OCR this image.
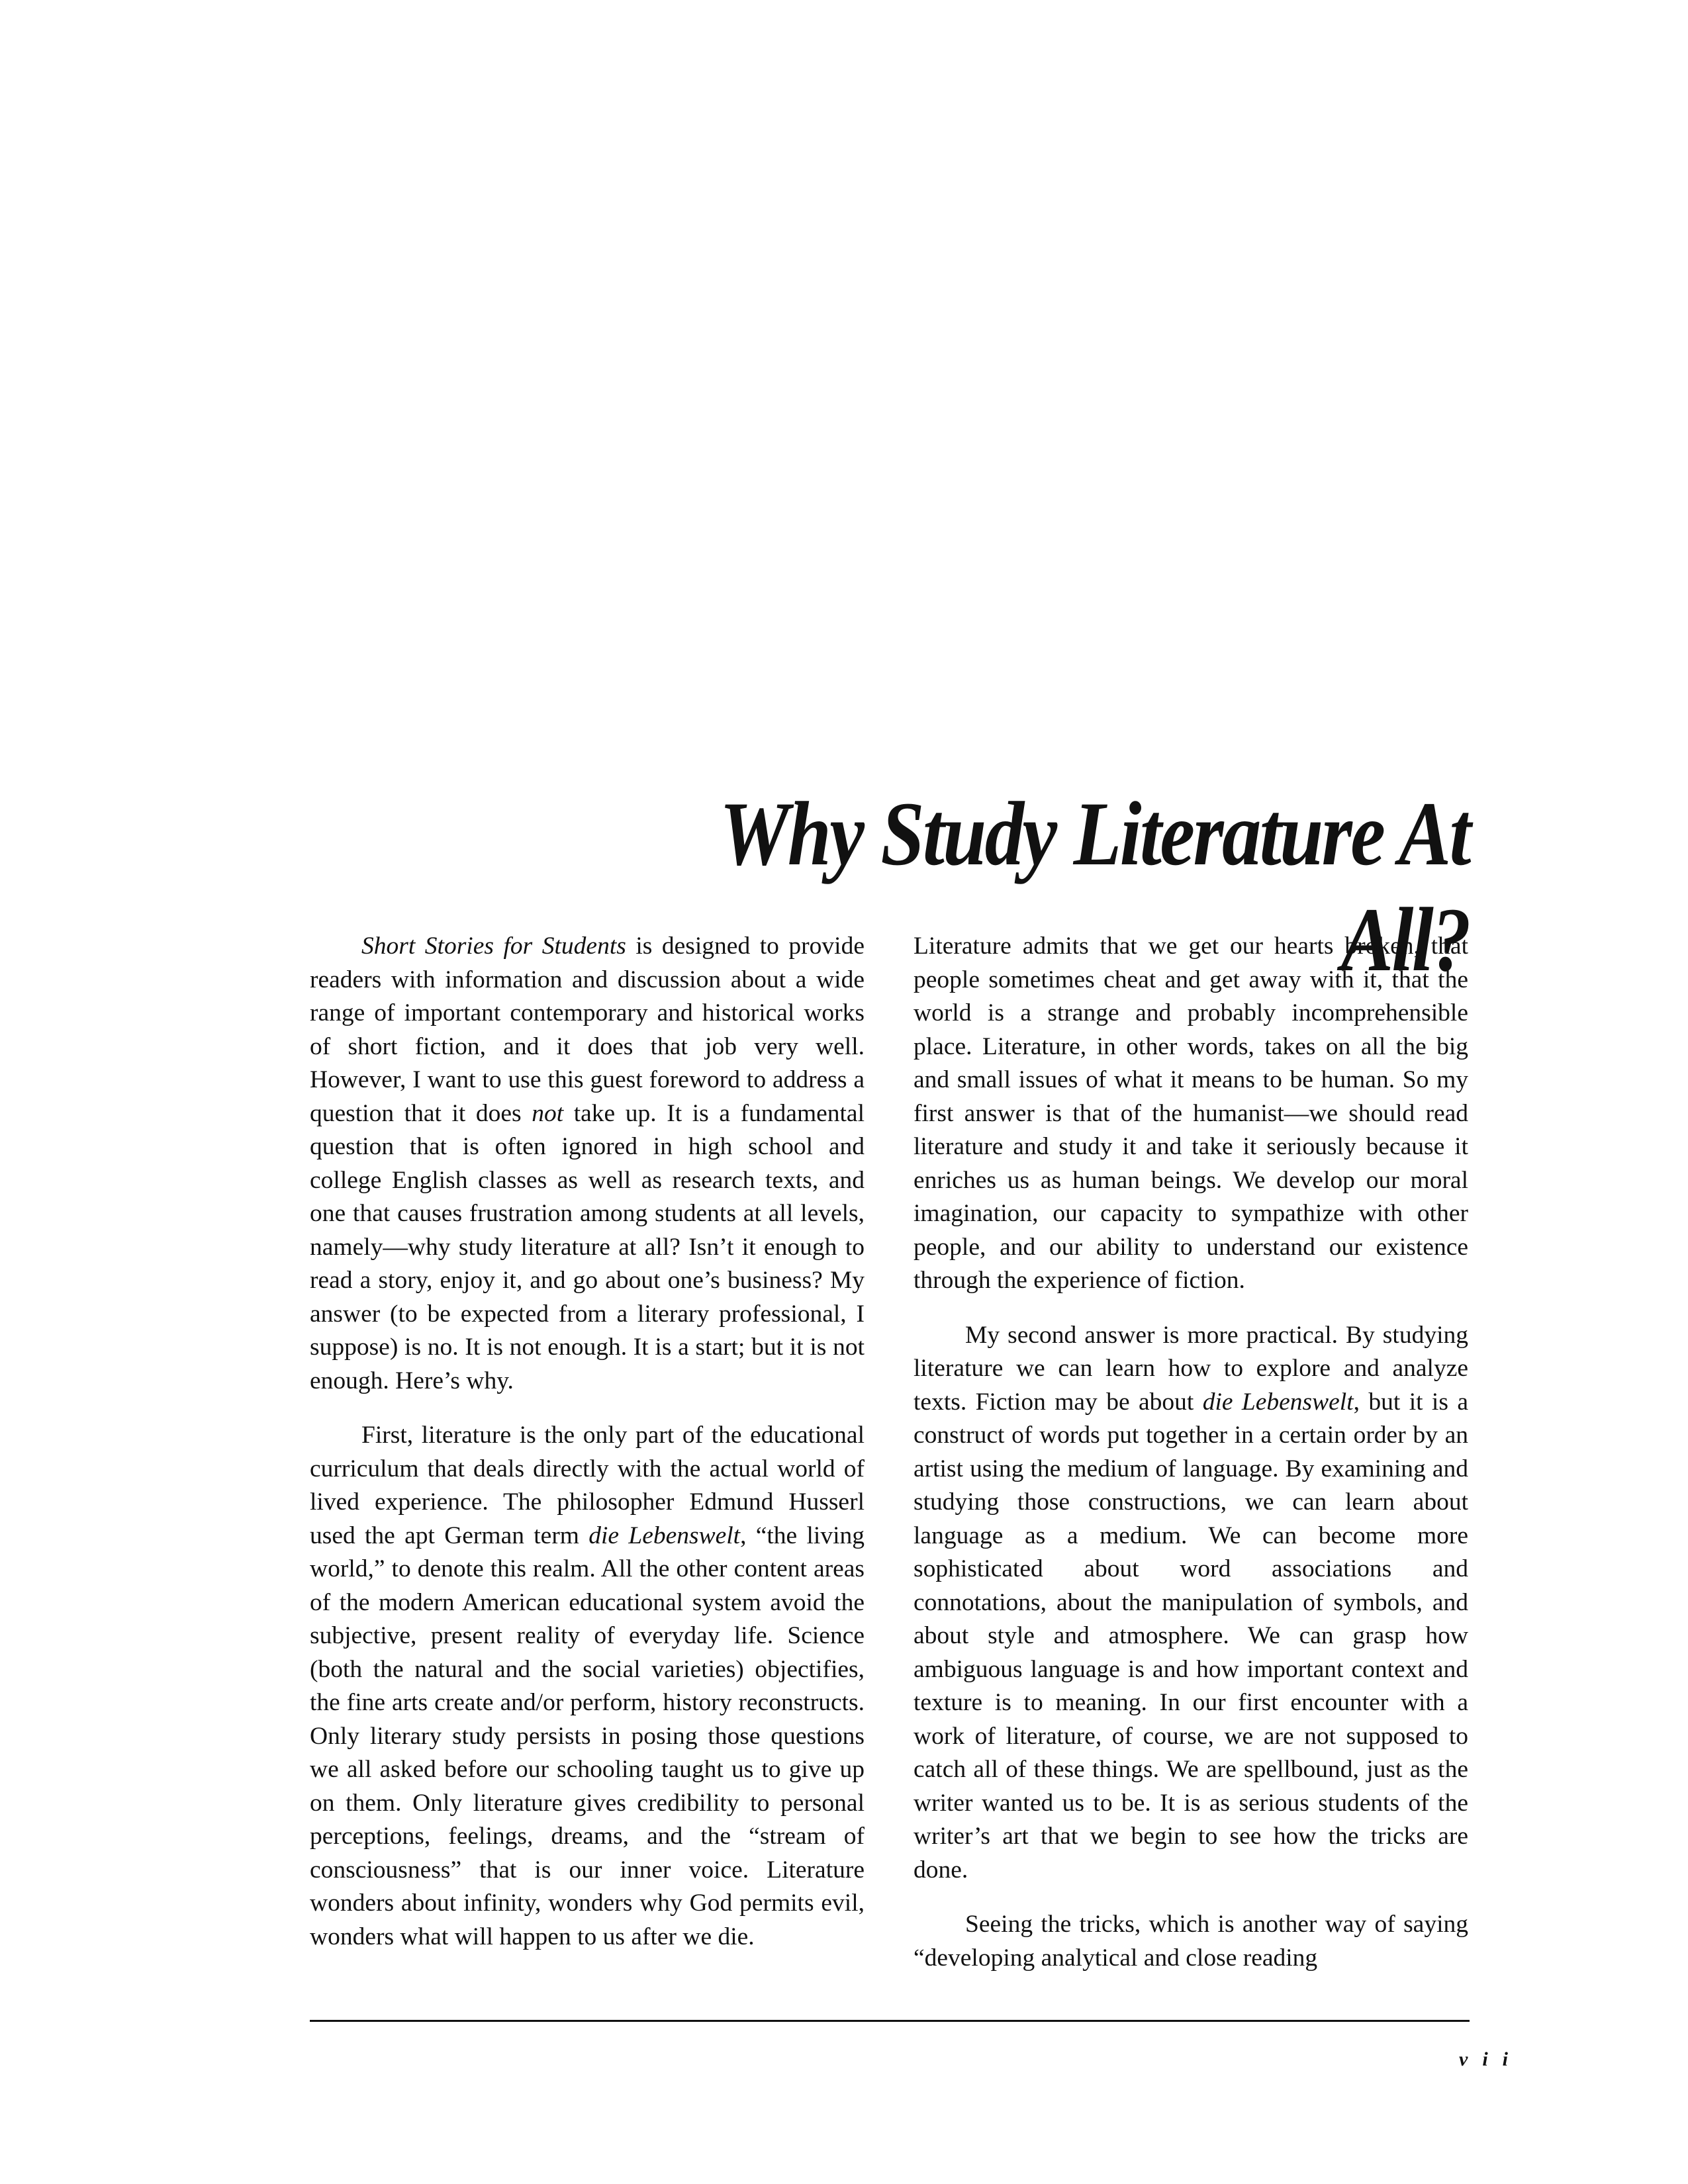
Why Study Literature At All?

Short Stories for Students is designed to provide readers with information and discussion about a wide range of important contemporary and historical works of short fiction, and it does that job very well. However, I want to use this guest foreword to address a question that it does not take up. It is a fundamental question that is often ignored in high school and college English classes as well as research texts, and one that causes frustration among students at all levels, namely—why study literature at all? Isn’t it enough to read a story, enjoy it, and go about one’s business? My answer (to be expected from a literary professional, I suppose) is no. It is not enough. It is a start; but it is not enough. Here’s why.

First, literature is the only part of the educational curriculum that deals directly with the actual world of lived experience. The philosopher Edmund Husserl used the apt German term die Lebenswelt, “the living world,” to denote this realm. All the other content areas of the modern American educational system avoid the subjective, present reality of everyday life. Science (both the natural and the social varieties) objectifies, the fine arts create and/or perform, history reconstructs. Only literary study persists in posing those questions we all asked before our schooling taught us to give up on them. Only literature gives credibility to personal perceptions, feelings, dreams, and the “stream of consciousness” that is our inner voice. Literature wonders about infinity, wonders why God permits evil, wonders what will happen to us after we die.

Literature admits that we get our hearts broken, that people sometimes cheat and get away with it, that the world is a strange and probably incomprehensible place. Literature, in other words, takes on all the big and small issues of what it means to be human. So my first answer is that of the humanist—we should read literature and study it and take it seriously because it enriches us as human beings. We develop our moral imagination, our capacity to sympathize with other people, and our ability to understand our existence through the experience of fiction.

My second answer is more practical. By studying literature we can learn how to explore and analyze texts. Fiction may be about die Lebenswelt, but it is a construct of words put together in a certain order by an artist using the medium of language. By examining and studying those constructions, we can learn about language as a medium. We can become more sophisticated about word associations and connotations, about the manipulation of symbols, and about style and atmosphere. We can grasp how ambiguous language is and how important context and texture is to meaning. In our first encounter with a work of literature, of course, we are not supposed to catch all of these things. We are spellbound, just as the writer wanted us to be. It is as serious students of the writer’s art that we begin to see how the tricks are done.

Seeing the tricks, which is another way of saying “developing analytical and close reading

vii
